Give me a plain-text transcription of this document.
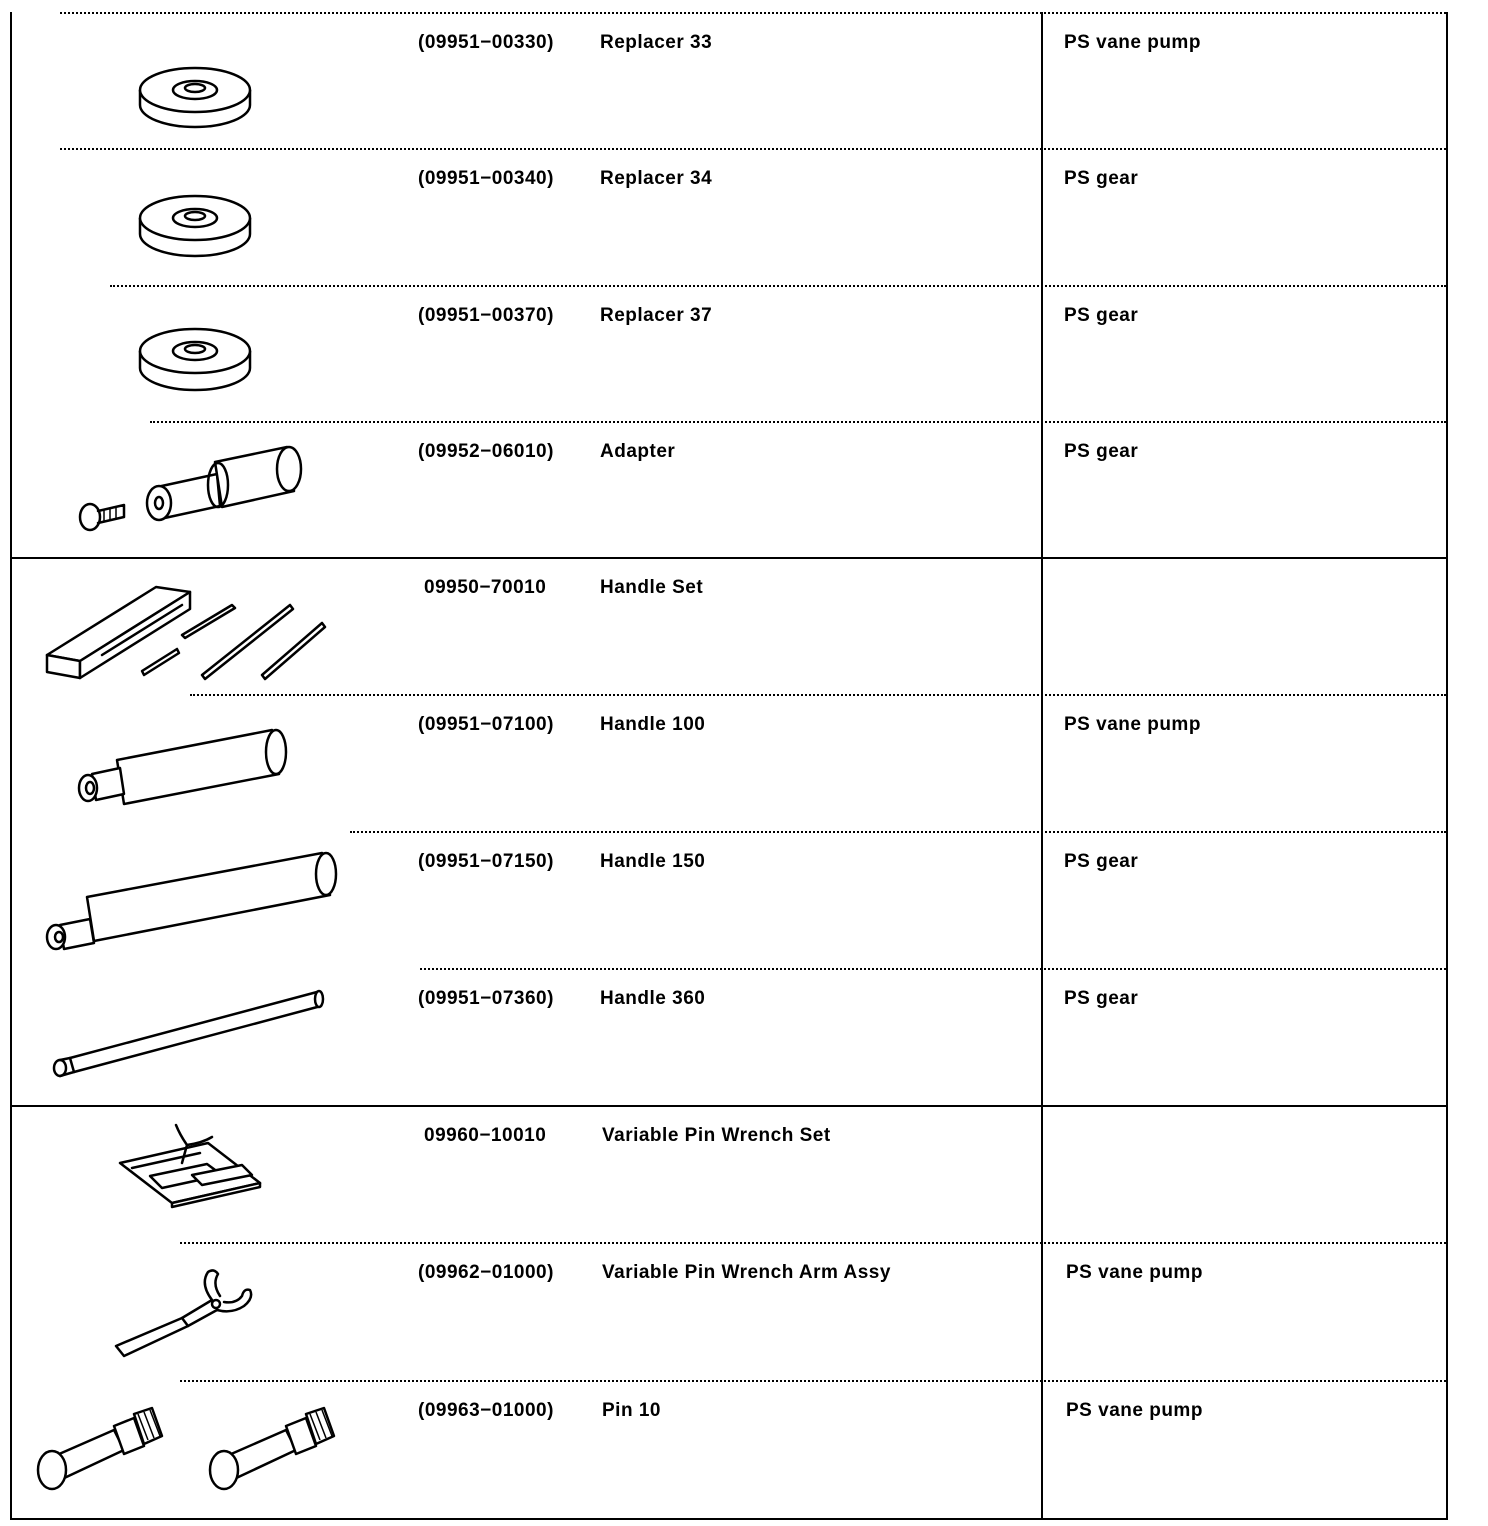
(09951−00330) Replacer 33	PS vane pump
(09951−00340) Replacer 34	PS gear
(09951−00370) Replacer 37	PS gear
(09952−06010) Adapter	PS gear
09950−70010	Handle Set
(09951−07100) Handle 100	PS vane pump
(09951−07150) Handle 150	PS gear
(09951−07360) Handle 360	PS gear
09960−10010	Variable Pin Wrench Set
(09962−01000)	Variable Pin Wrench Arm Assy	PS vane pump
(09963−01000)	Pin 10	PS vane pump
